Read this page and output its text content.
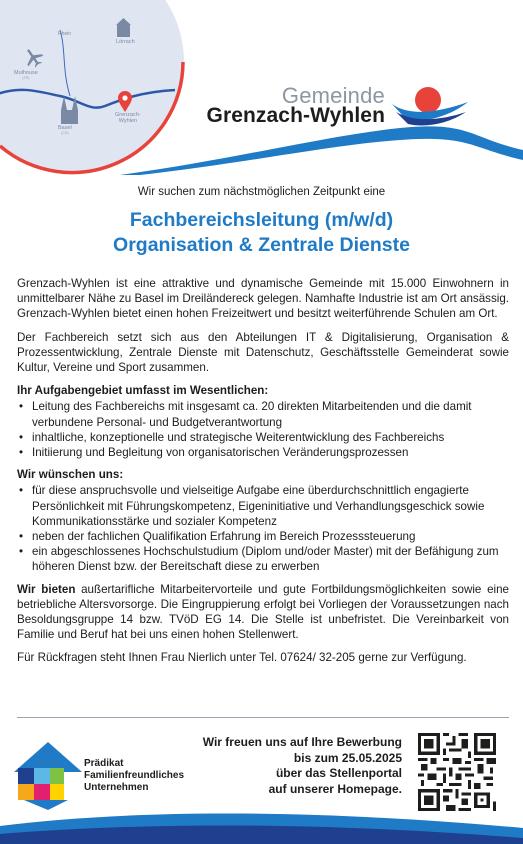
Rhein
Lörrach
Mulhouse
(FR)
Basel
(CH)
Grenzach-
Wyhlen
Gemeinde
Grenzach-Wyhlen
Wir suchen zum nächstmöglichen Zeitpunkt eine
Fachbereichsleitung (m/w/d)
Organisation & Zentrale Dienste

Grenzach-Wyhlen ist eine attraktive und dynamische Gemeinde mit 15.000 Einwohnern in unmittelbarer Nähe zu Basel im Dreiländereck gelegen. Namhafte Industrie ist am Ort ansässig. Grenzach-Wyhlen bietet einen hohen Freizeitwert und besitzt weiterführende Schulen am Ort.

Der Fachbereich setzt sich aus den Abteilungen IT & Digitalisierung, Organisation & Prozessentwicklung, Zentrale Dienste mit Datenschutz, Geschäftsstelle Gemeinderat sowie Kultur, Vereine und Sport zusammen.

Ihr Aufgabengebiet umfasst im Wesentlichen:
• Leitung des Fachbereichs mit insgesamt ca. 20 direkten Mitarbeitenden und die damit verbundene Personal- und Budgetverantwortung
• inhaltliche, konzeptionelle und strategische Weiterentwicklung des Fachbereichs
• Initiierung und Begleitung von organisatorischen Veränderungsprozessen
Wir wünschen uns:
• für diese anspruchsvolle und vielseitige Aufgabe eine überdurchschnittlich engagierte Persönlichkeit mit Führungskompetenz, Eigeninitiative und Verhandlungsgeschick sowie Kommunikationsstärke und sozialer Kompetenz
• neben der fachlichen Qualifikation Erfahrung im Bereich Prozesssteuerung
• ein abgeschlossenes Hochschulstudium (Diplom und/oder Master) mit der Befähigung zum höheren Dienst bzw. der Bereitschaft diese zu erwerben

Wir bieten außertarifliche Mitarbeitervorteile und gute Fortbildungsmöglichkeiten sowie eine betriebliche Altersvorsorge. Die Eingruppierung erfolgt bei Vorliegen der Voraussetzungen nach Besoldungsgruppe 14 bzw. TVöD EG 14. Die Stelle ist unbefristet. Die Vereinbarkeit von Familie und Beruf hat bei uns einen hohen Stellenwert.

Für Rückfragen steht Ihnen Frau Nierlich unter Tel. 07624/ 32-205 gerne zur Verfügung.

Prädikat
Familienfreundliches
Unternehmen
Wir freuen uns auf Ihre Bewerbung
bis zum 25.05.2025
über das Stellenportal
auf unserer Homepage.
